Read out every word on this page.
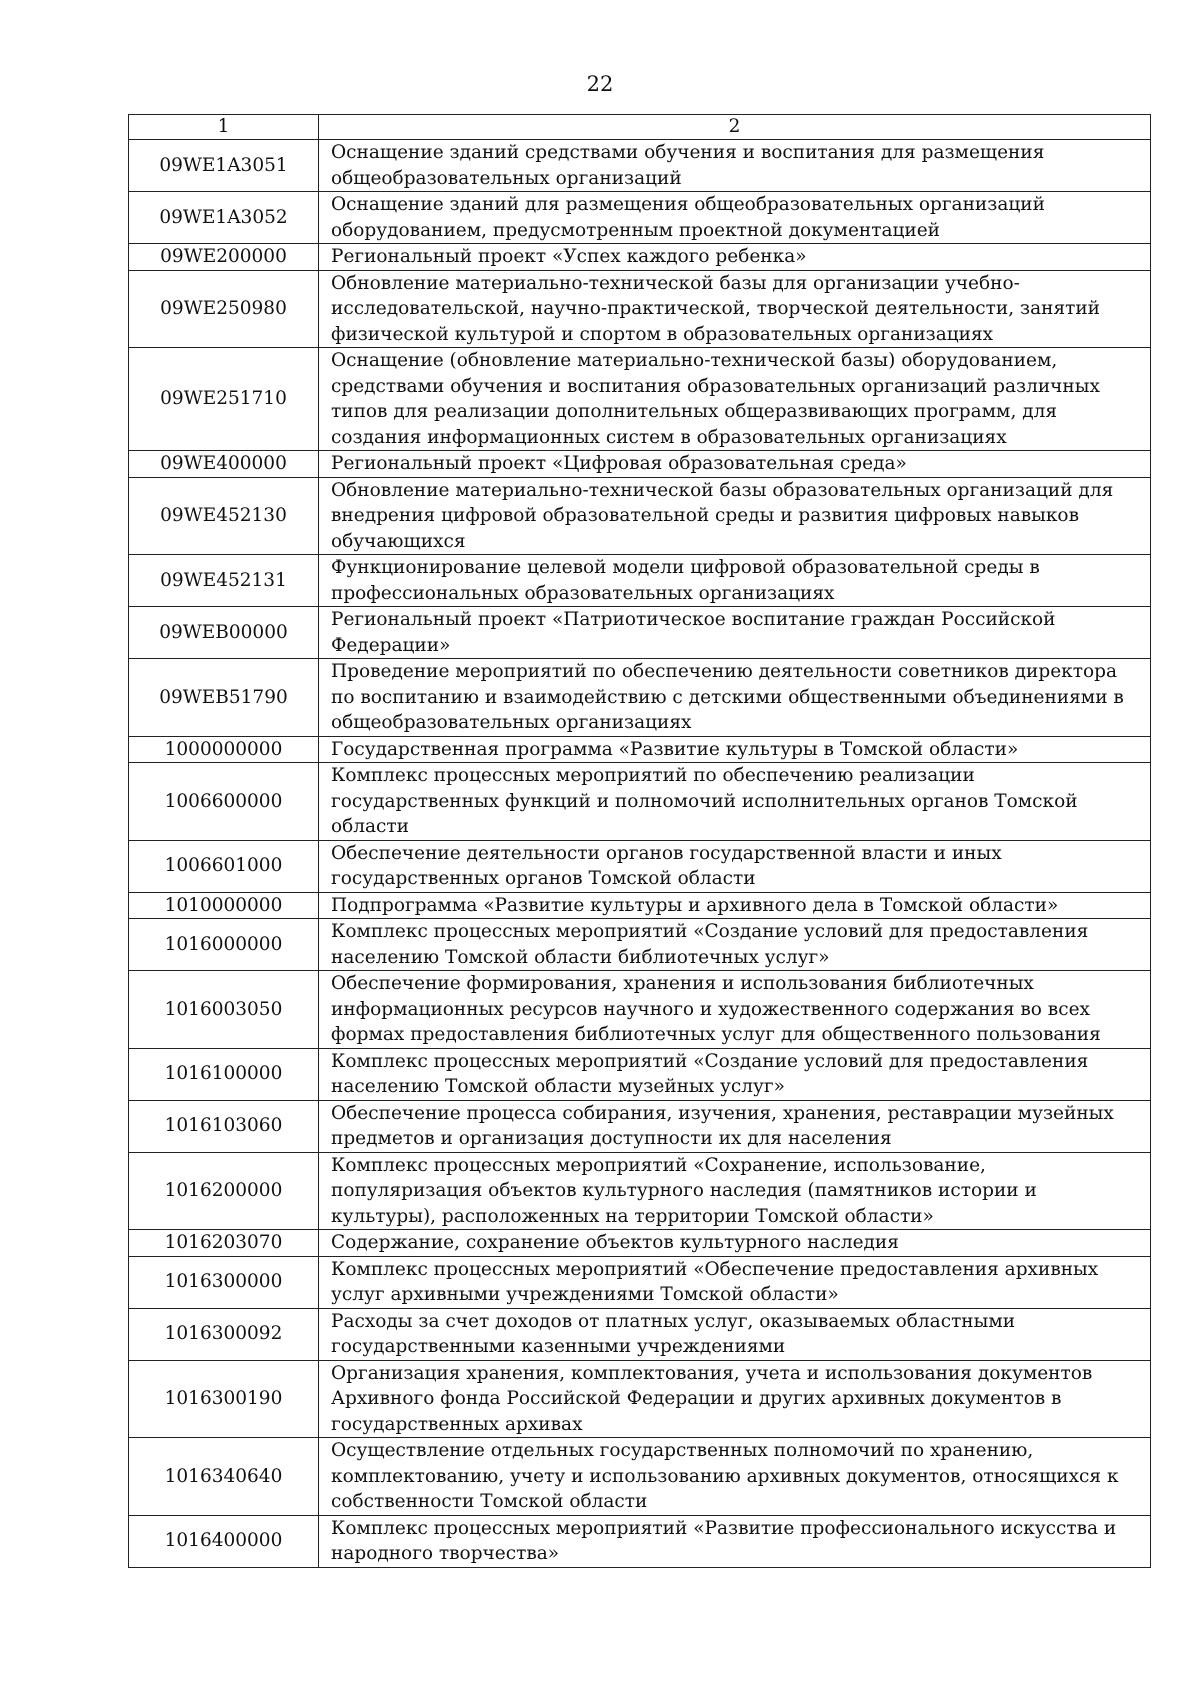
22
1	2
09WE1A3051	Оснащение зданий средствами обучения и воспитания для размещения общеобразовательных организаций
09WE1A3052	Оснащение зданий для размещения общеобразовательных организаций оборудованием, предусмотренным проектной документацией
09WE200000	Региональный проект «Успех каждого ребенка»
09WE250980	Обновление материально-технической базы для организации учебно-исследовательской, научно-практической, творческой деятельности, занятий физической культурой и спортом в образовательных организациях
09WE251710	Оснащение (обновление материально-технической базы) оборудованием, средствами обучения и воспитания образовательных организаций различных типов для реализации дополнительных общеразвивающих программ, для создания информационных систем в образовательных организациях
09WE400000	Региональный проект «Цифровая образовательная среда»
09WE452130	Обновление материально-технической базы образовательных организаций для внедрения цифровой образовательной среды и развития цифровых навыков обучающихся
09WE452131	Функционирование целевой модели цифровой образовательной среды в профессиональных образовательных организациях
09WEB00000	Региональный проект «Патриотическое воспитание граждан Российской Федерации»
09WEB51790	Проведение мероприятий по обеспечению деятельности советников директора по воспитанию и взаимодействию с детскими общественными объединениями в общеобразовательных организациях
1000000000	Государственная программа «Развитие культуры в Томской области»
1006600000	Комплекс процессных мероприятий по обеспечению реализации государственных функций и полномочий исполнительных органов Томской области
1006601000	Обеспечение деятельности органов государственной власти и иных государственных органов Томской области
1010000000	Подпрограмма «Развитие культуры и архивного дела в Томской области»
1016000000	Комплекс процессных мероприятий «Создание условий для предоставления населению Томской области библиотечных услуг»
1016003050	Обеспечение формирования, хранения и использования библиотечных информационных ресурсов научного и художественного содержания во всех формах предоставления библиотечных услуг для общественного пользования
1016100000	Комплекс процессных мероприятий «Создание условий для предоставления населению Томской области музейных услуг»
1016103060	Обеспечение процесса собирания, изучения, хранения, реставрации музейных предметов и организация доступности их для населения
1016200000	Комплекс процессных мероприятий «Сохранение, использование, популяризация объектов культурного наследия (памятников истории и культуры), расположенных на территории Томской области»
1016203070	Содержание, сохранение объектов культурного наследия
1016300000	Комплекс процессных мероприятий «Обеспечение предоставления архивных услуг архивными учреждениями Томской области»
1016300092	Расходы за счет доходов от платных услуг, оказываемых областными государственными казенными учреждениями
1016300190	Организация хранения, комплектования, учета и использования документов Архивного фонда Российской Федерации и других архивных документов в государственных архивах
1016340640	Осуществление отдельных государственных полномочий по хранению, комплектованию, учету и использованию архивных документов, относящихся к собственности Томской области
1016400000	Комплекс процессных мероприятий «Развитие профессионального искусства и народного творчества»
